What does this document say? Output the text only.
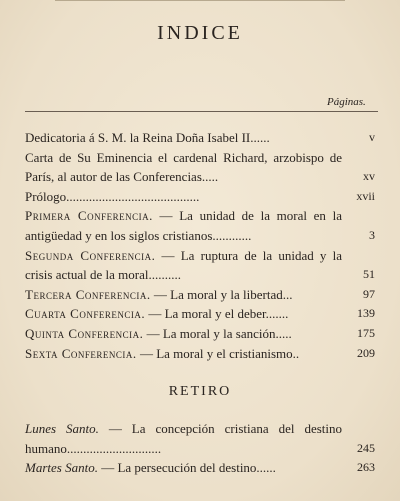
INDICE
Páginas.
Dedicatoria á S. M. la Reina Doña Isabel II......	v
Carta de Su Eminencia el cardenal Richard, arzobispo de París, al autor de las Conferencias.....	xv
Prólogo.........................................	xvii
Primera Conferencia. — La unidad de la moral en la antigüedad y en los siglos cristianos............	3
Segunda Conferencia. — La ruptura de la unidad y la crisis actual de la moral..........	51
Tercera Conferencia. — La moral y la libertad...	97
Cuarta Conferencia. — La moral y el deber.......	139
Quinta Conferencia. — La moral y la sanción.....	175
Sexta Conferencia. — La moral y el cristianismo..	209
RETIRO
Lunes Santo. — La concepción cristiana del destino humano.............................	245
Martes Santo. — La persecución del destino......	263
